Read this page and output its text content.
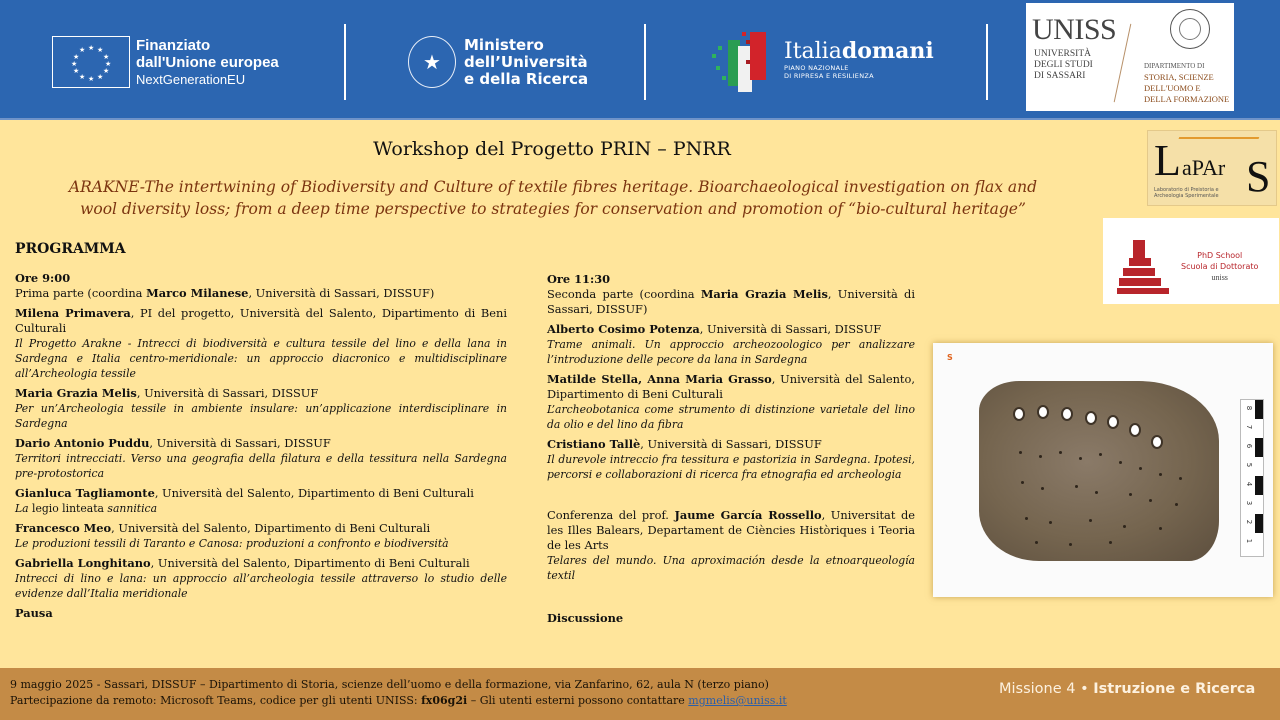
★ ★
★
★
★
★
★
★
★
★
★
★	Finanziato
dall'Unione europea
NextGenerationEU
★
Ministero
dell’Università
e della Ricerca
Italiadomani
PIANO NAZIONALE
DI RIPRESA E RESILIENZA
UNISS
UNIVERSITÀ
DEGLI STUDI
DI SASSARI
DIPARTIMENTO DI
STORIA, SCIENZE
DELL'UOMO E
DELLA FORMAZIONE
Workshop del Progetto PRIN – PNRR
ARAKNE-The intertwining of Biodiversity and Culture of textile fibres heritage. Bioarchaeological investigation on flax and
wool diversity loss; from a deep time perspective to strategies for conservation and promotion of “bio-cultural heritage”
PROGRAMMA
L aPAr S
Laboratorio di Preistoria e
Archeologia Sperimentale
PhD School
Scuola di Dottorato
uniss
Ore 9:00
Prima parte (coordina Marco Milanese, Università di Sassari, DISSUF)
Milena Primavera, PI del progetto, Università del Salento, Dipartimento di Beni Culturali
Il Progetto Arakne - Intrecci di biodiversità e cultura tessile del lino e della lana in Sardegna e Italia centro-meridionale: un approccio diacronico e multidisciplinare all’Archeologia tessile
Maria Grazia Melis, Università di Sassari, DISSUF
Per un’Archeologia tessile in ambiente insulare: un’applicazione interdisciplinare in Sardegna
Dario Antonio Puddu, Università di Sassari, DISSUF
Territori intrecciati. Verso una geografia della filatura e della tessitura nella Sardegna pre-protostorica
Gianluca Tagliamonte, Università del Salento, Dipartimento di Beni Culturali
La legio linteata sannitica
Francesco Meo, Università del Salento, Dipartimento di Beni Culturali
Le produzioni tessili di Taranto e Canosa: produzioni a confronto e biodiversità
Gabriella Longhitano, Università del Salento, Dipartimento di Beni Culturali
Intrecci di lino e lana: un approccio all’archeologia tessile attraverso lo studio delle evidenze dall’Italia meridionale
Pausa
Ore 11:30
Seconda parte (coordina Maria Grazia Melis, Università di Sassari, DISSUF)
Alberto Cosimo Potenza, Università di Sassari, DISSUF
Trame animali. Un approccio archeozoologico per analizzare l’introduzione delle pecore da lana in Sardegna
Matilde Stella, Anna Maria Grasso, Università del Salento, Dipartimento di Beni Culturali
L’archeobotanica come strumento di distinzione varietale del lino da olio e del lino da fibra
Cristiano Tallè, Università di Sassari, DISSUF
Il durevole intreccio fra tessitura e pastorizia in Sardegna. Ipotesi, percorsi e collaborazioni di ricerca fra etnografia ed archeologia
Conferenza del prof. Jaume García Rossello, Universitat de les Illes Balears, Departament de Ciències Històriques i Teoria de les Arts
Telares del mundo. Una aproximación desde la etnoarqueología textil
Discussione
S
8
7
6
5
4
3
2
1
9 maggio 2025 - Sassari, DISSUF – Dipartimento di Storia, scienze dell’uomo e della formazione, via Zanfarino, 62, aula N (terzo piano)
Partecipazione da remoto: Microsoft Teams, codice per gli utenti UNISS: fx06g2i – Gli utenti esterni possono contattare mgmelis@uniss.it
Missione 4 • Istruzione e Ricerca
